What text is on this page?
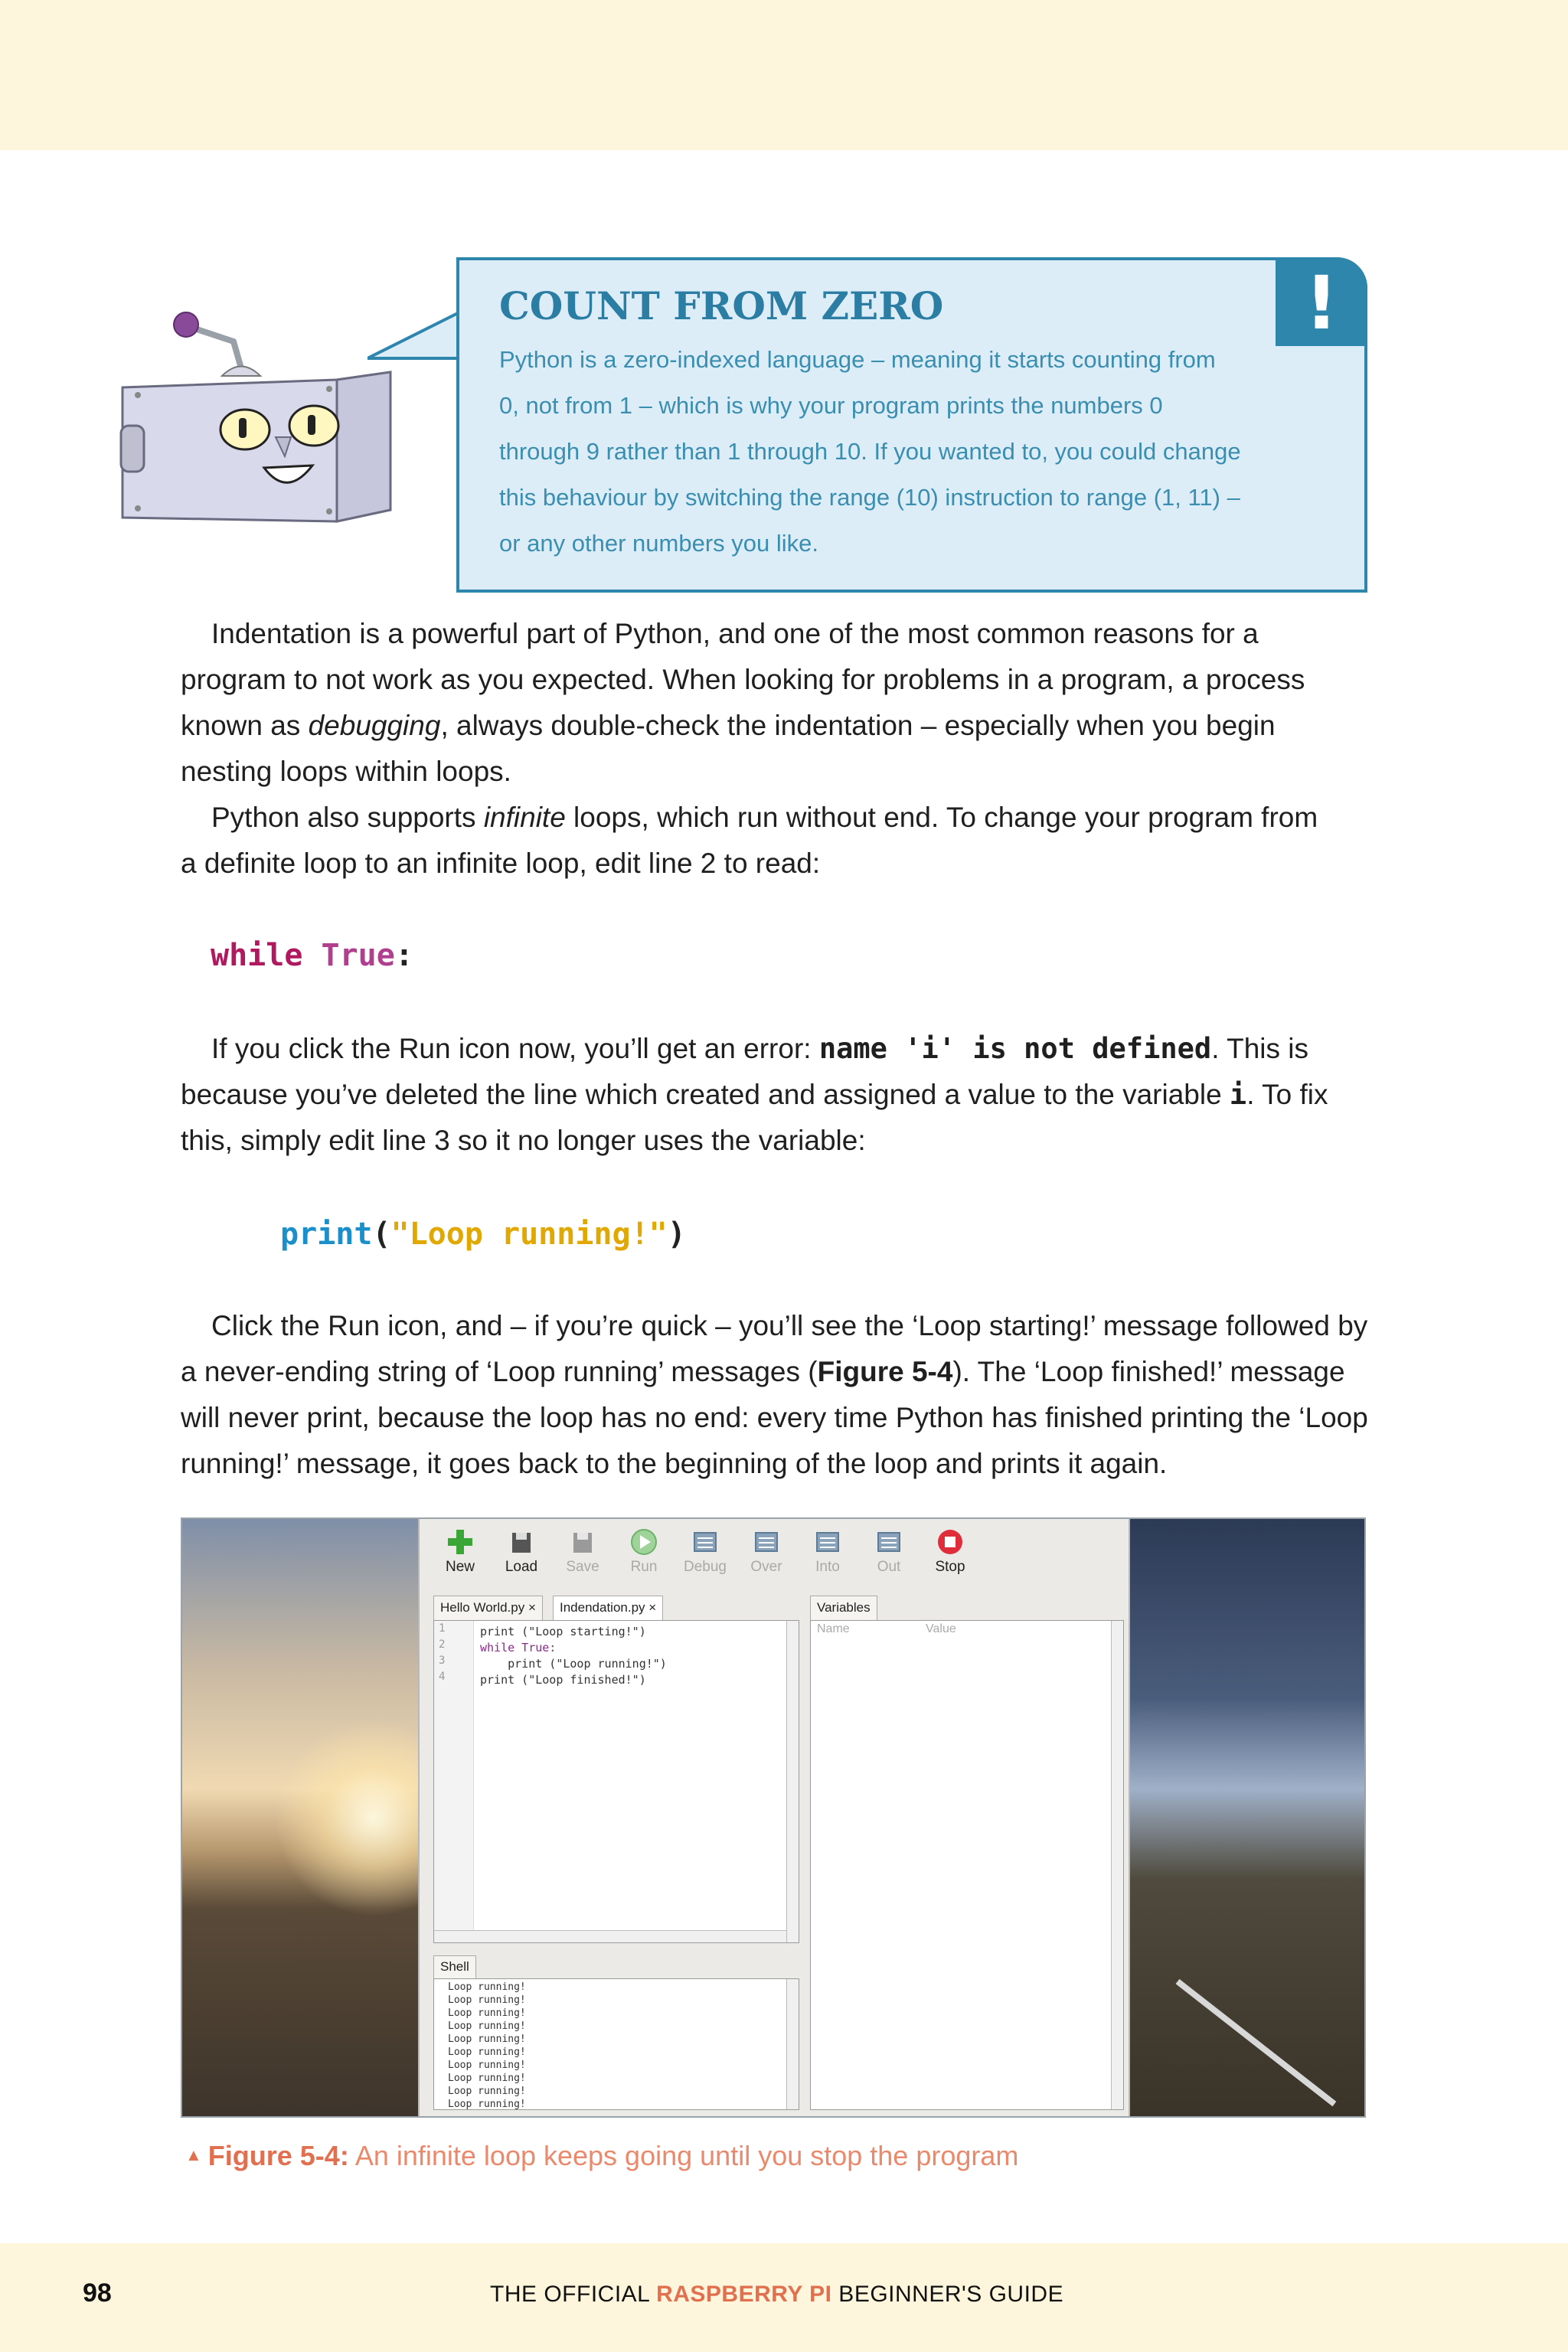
!
COUNT FROM ZERO
Python is a zero-indexed language – meaning it starts counting from
0, not from 1 – which is why your program prints the numbers 0
through 9 rather than 1 through 10. If you wanted to, you could change
this behaviour by switching the range (10) instruction to range (1, 11) –
or any other numbers you like.
Indentation is a powerful part of Python, and one of the most common reasons for a
program to not work as you expected. When looking for problems in a program, a process
known as debugging, always double-check the indentation – especially when you begin
nesting loops within loops.
Python also supports infinite loops, which run without end. To change your program from
a definite loop to an infinite loop, edit line 2 to read:
while True:
If you click the Run icon now, you’ll get an error: name 'i' is not defined. This is
because you’ve deleted the line which created and assigned a value to the variable i. To fix
this, simply edit line 3 so it no longer uses the variable:
print("Loop running!")
Click the Run icon, and – if you’re quick – you’ll see the ‘Loop starting!’ message followed by
a never-ending string of ‘Loop running’ messages (Figure 5-4). The ‘Loop finished!’ message
will never print, because the loop has no end: every time Python has finished printing the ‘Loop
running!’ message, it goes back to the beginning of the loop and prints it again.
New	Load	Save	Run	Debug	Over	Into	Out	Stop
Hello World.py ×	Indendation.py ×
1
2
3
4
print ("Loop starting!")
while True:
print ("Loop running!")
print ("Loop finished!")
Shell
Loop running!
Loop running!
Loop running!
Loop running!
Loop running!
Loop running!
Loop running!
Loop running!
Loop running!
Loop running!
Variables
Name	Value
▲ Figure 5-4: An infinite loop keeps going until you stop the program
98	THE OFFICIAL RASPBERRY PI BEGINNER'S GUIDE
